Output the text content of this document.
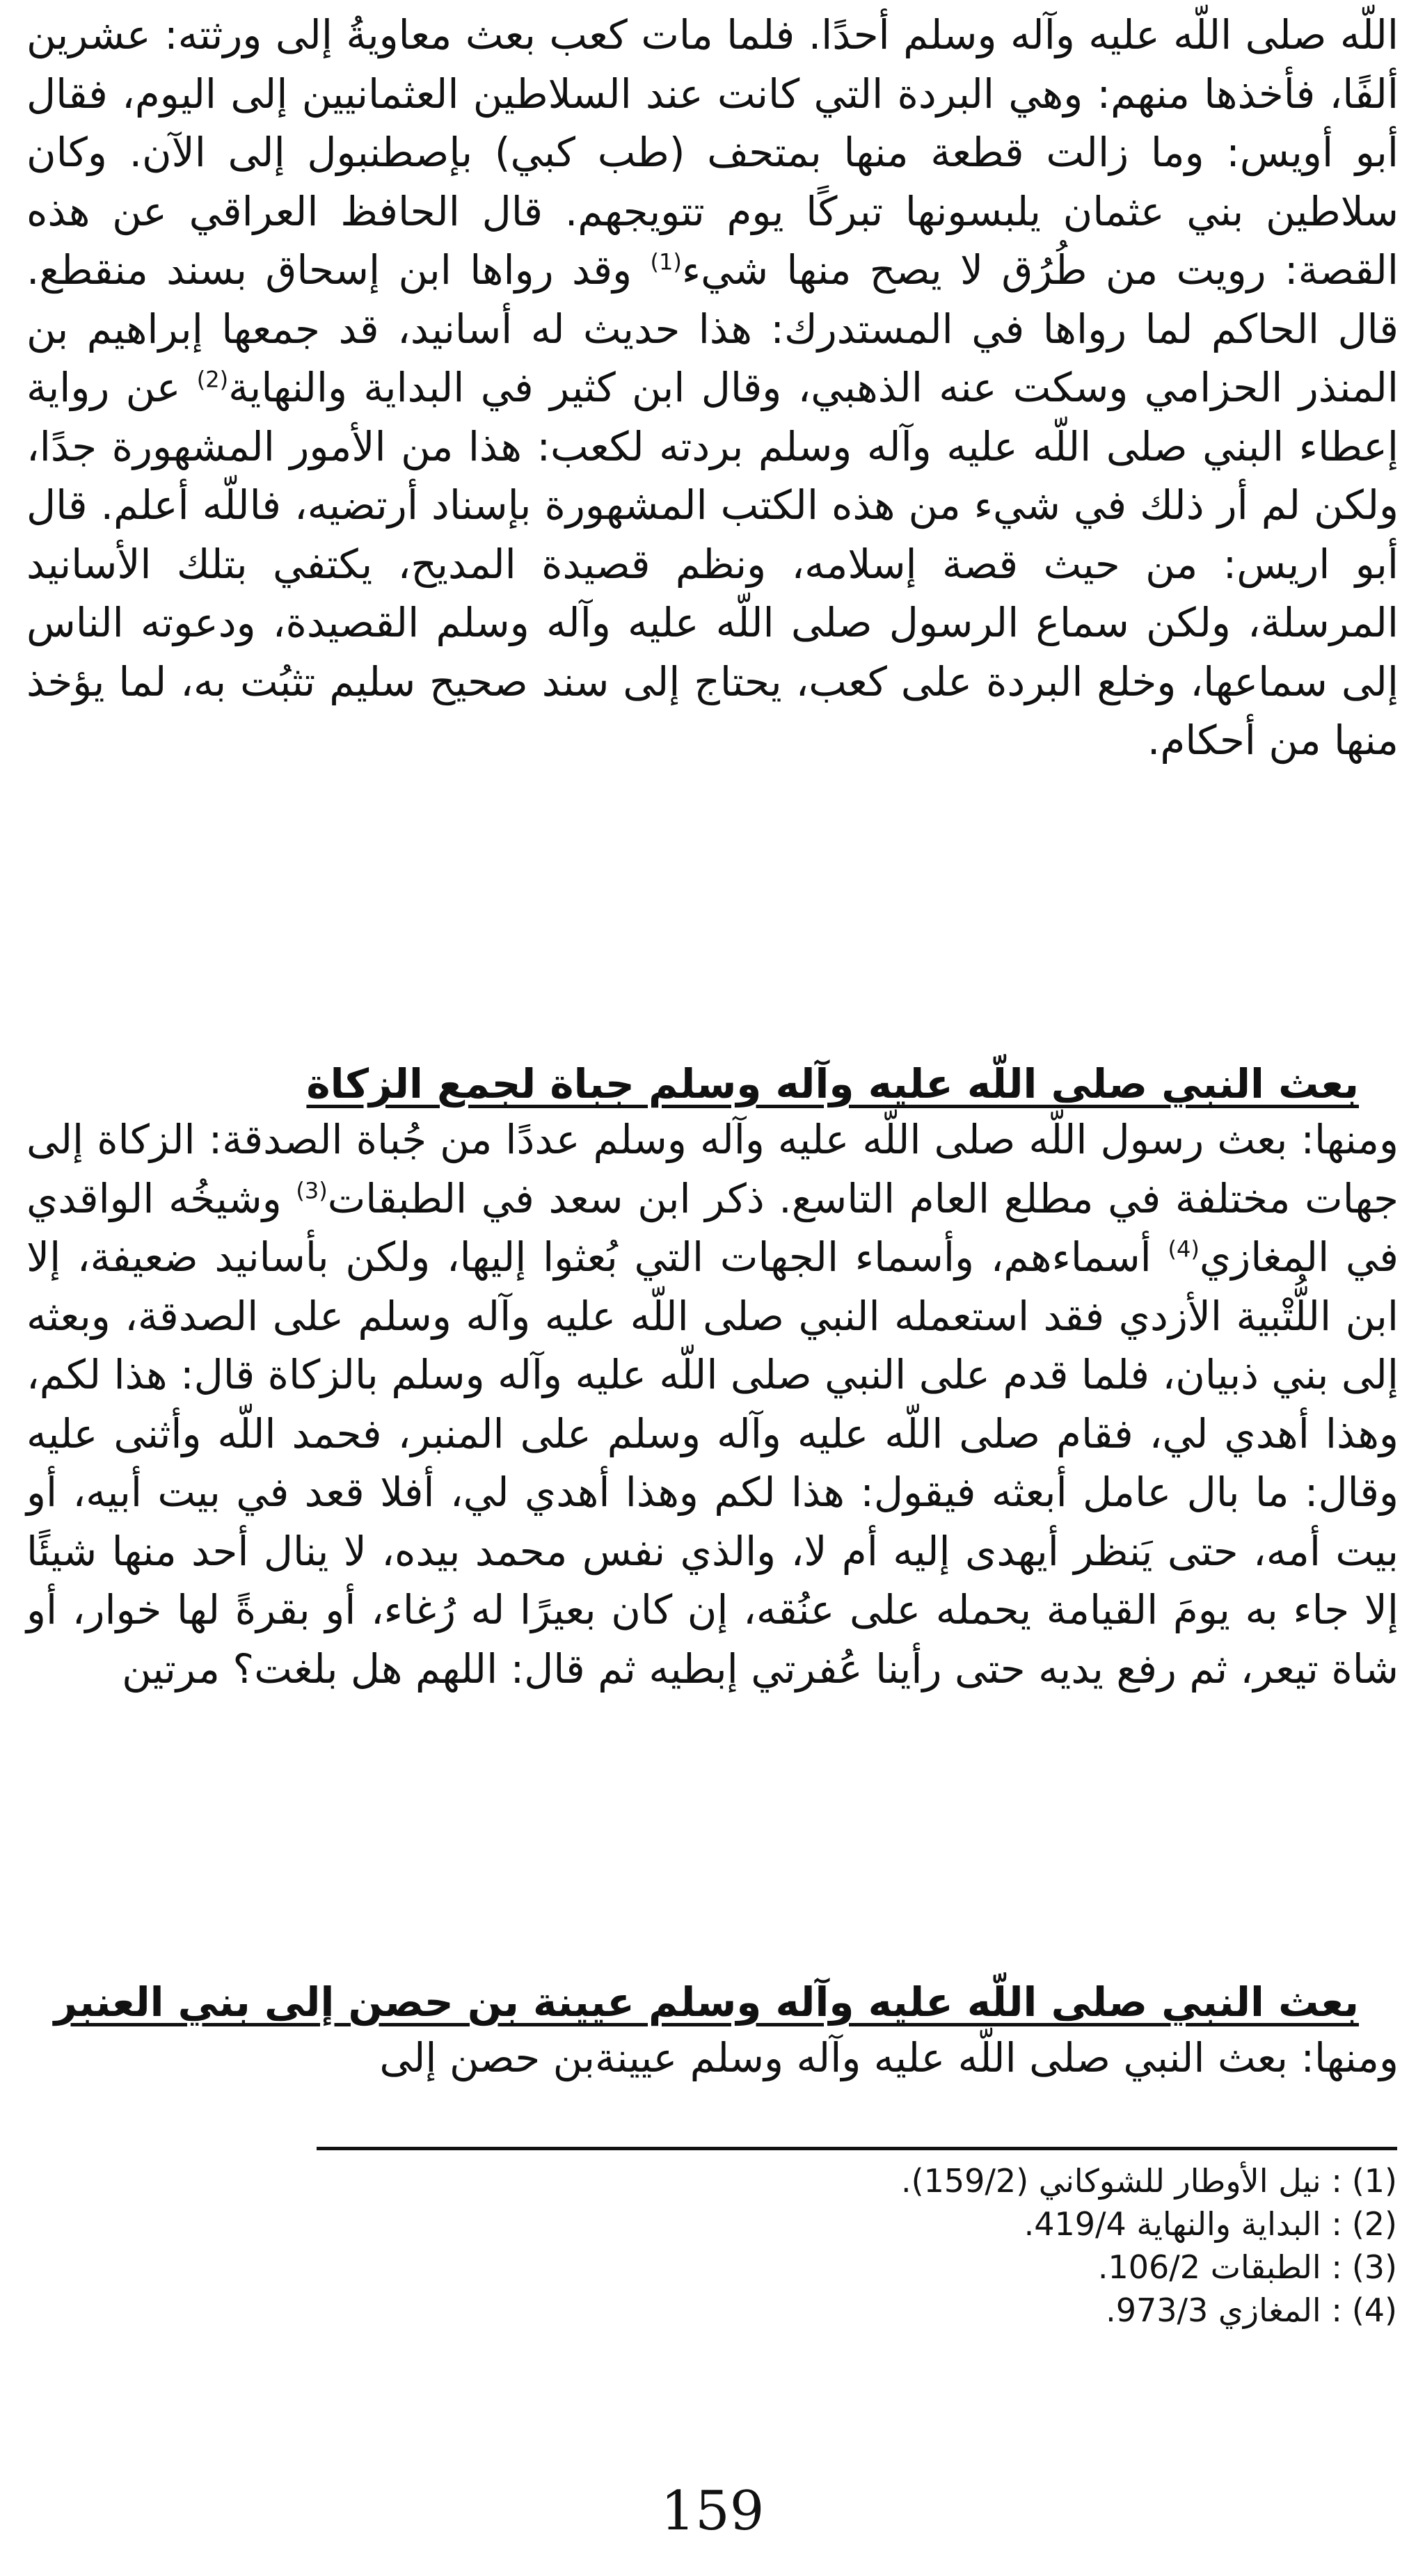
اللّه صلى اللّه عليه وآله وسلم أحدًا. فلما مات كعب بعث معاويةُ إلى ورثته: عشرين ألفًا، فأخذها منهم: وهي البردة التي كانت عند السلاطين العثمانيين إلى اليوم، فقال أبو أويس: وما زالت قطعة منها بمتحف (طب كبي) بإصطنبول إلى الآن. وكان سلاطين بني عثمان يلبسونها تبركًا يوم تتويجهم. قال الحافظ العراقي عن هذه القصة: رويت من طُرُق لا يصح منها شيء$^{(1)}$ وقد رواها ابن إسحاق بسند منقطع. قال الحاكم لما رواها في المستدرك: هذا حديث له أسانيد، قد جمعها إبراهيم بن المنذر الحزامي وسكت عنه الذهبي، وقال ابن كثير في البداية والنهاية$^{(2)}$ عن رواية إعطاء البني صلى اللّه عليه وآله وسلم بردته لكعب: هذا من الأمور المشهورة جدًا، ولكن لم أر ذلك في شيء من هذه الكتب المشهورة بإسناد أرتضيه، فاللّه أعلم. قال أبو اريس: من حيث قصة إسلامه، ونظم قصيدة المديح، يكتفي بتلك الأسانيد المرسلة، ولكن سماع الرسول صلى اللّه عليه وآله وسلم القصيدة، ودعوته الناس إلى سماعها، وخلع البردة على كعب، يحتاج إلى سند صحيح سليم تثبُت به، لما يؤخذ منها من أحكام.

بعث النبي صلى اللّه عليه وآله وسلم جباة لجمع الزكاة

ومنها: بعث رسول اللّه صلى اللّه عليه وآله وسلم عددًا من جُباة الصدقة: الزكاة إلى جهات مختلفة في مطلع العام التاسع. ذكر ابن سعد في الطبقات$^{(3)}$ وشيخُه الواقدي في المغازي$^{(4)}$ أسماءهم، وأسماء الجهات التي بُعثوا إليها، ولكن بأسانيد ضعيفة، إلا ابن اللُّتْبية الأزدي فقد استعمله النبي صلى اللّه عليه وآله وسلم على الصدقة، وبعثه إلى بني ذبيان، فلما قدم على النبي صلى اللّه عليه وآله وسلم بالزكاة قال: هذا لكم، وهذا أهدي لي، فقام صلى اللّه عليه وآله وسلم على المنبر، فحمد اللّه وأثنى عليه وقال: ما بال عامل أبعثه فيقول: هذا لكم وهذا أهدي لي، أفلا قعد في بيت أبيه، أو بيت أمه، حتى يَنظر أيهدى إليه أم لا، والذي نفس محمد بيده، لا ينال أحد منها شيئًا إلا جاء به يومَ القيامة يحمله على عنُقه، إن كان بعيرًا له رُغاء، أو بقرةً لها خوار، أو شاة تيعر، ثم رفع يديه حتى رأينا عُفرتي إبطيه ثم قال: اللهم هل بلغت؟ مرتين

بعث النبي صلى اللّه عليه وآله وسلم عيينة بن حصن إلى بني العنبر

ومنها: بعث النبي صلى اللّه عليه وآله وسلم عيينةبن حصن إلى

(1): نيل الأوطار للشوكاني (159/2).
(2): البداية والنهاية 419/4.
(3): الطبقات 106/2.
(4): المغازي 973/3.
159
